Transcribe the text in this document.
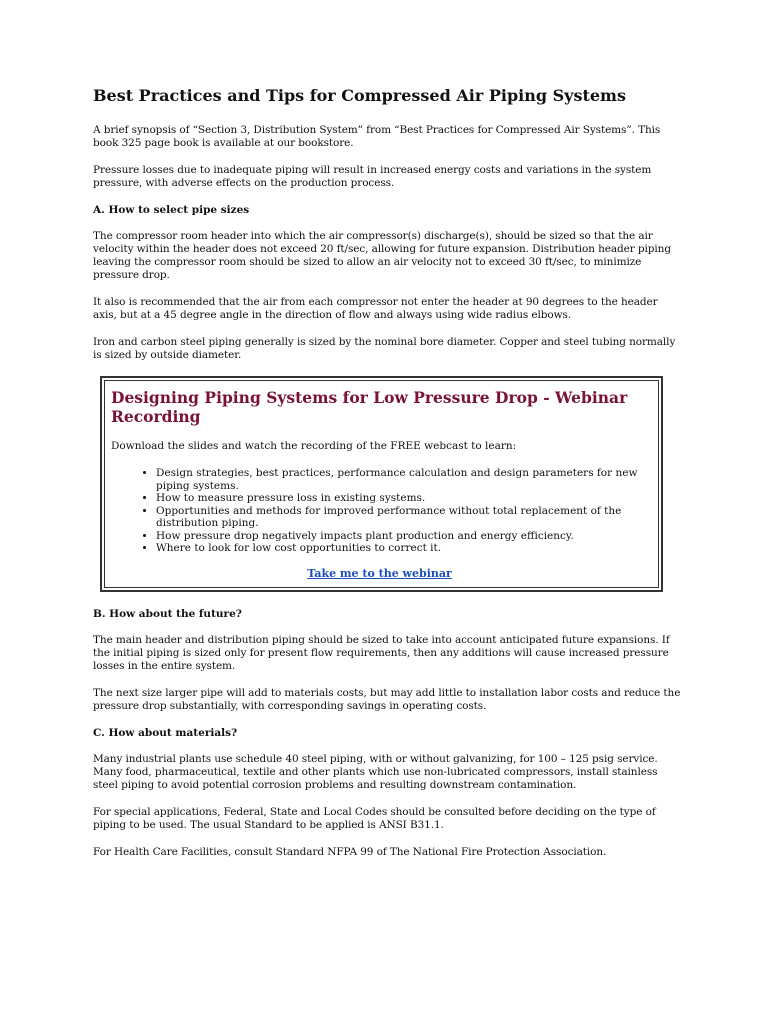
Best Practices and Tips for Compressed Air Piping Systems

A brief synopsis of “Section 3, Distribution System” from “Best Practices for Compressed Air Systems”. This book 325 page book is available at our bookstore.

Pressure losses due to inadequate piping will result in increased energy costs and variations in the system pressure, with adverse effects on the production process.

A. How to select pipe sizes

The compressor room header into which the air compressor(s) discharge(s), should be sized so that the air velocity within the header does not exceed 20 ft/sec, allowing for future expansion. Distribution header piping leaving the compressor room should be sized to allow an air velocity not to exceed 30 ft/sec, to minimize pressure drop.

It also is recommended that the air from each compressor not enter the header at 90 degrees to the header axis, but at a 45 degree angle in the direction of flow and always using wide radius elbows.

Iron and carbon steel piping generally is sized by the nominal bore diameter. Copper and steel tubing normally is sized by outside diameter.

Designing Piping Systems for Low Pressure Drop - Webinar Recording
Download the slides and watch the recording of the FREE webcast to learn:
• Design strategies, best practices, performance calculation and design parameters for new piping systems.
• How to measure pressure loss in existing systems.
• Opportunities and methods for improved performance without total replacement of the distribution piping.
• How pressure drop negatively impacts plant production and energy efficiency.
• Where to look for low cost opportunities to correct it.
Take me to the webinar
B. How about the future?

The main header and distribution piping should be sized to take into account anticipated future expansions. If the initial piping is sized only for present flow requirements, then any additions will cause increased pressure losses in the entire system.

The next size larger pipe will add to materials costs, but may add little to installation labor costs and reduce the pressure drop substantially, with corresponding savings in operating costs.

C. How about materials?

Many industrial plants use schedule 40 steel piping, with or without galvanizing, for 100 – 125 psig service. Many food, pharmaceutical, textile and other plants which use non-lubricated compressors, install stainless steel piping to avoid potential corrosion problems and resulting downstream contamination.

For special applications, Federal, State and Local Codes should be consulted before deciding on the type of piping to be used. The usual Standard to be applied is ANSI B31.1.

For Health Care Facilities, consult Standard NFPA 99 of The National Fire Protection Association.
